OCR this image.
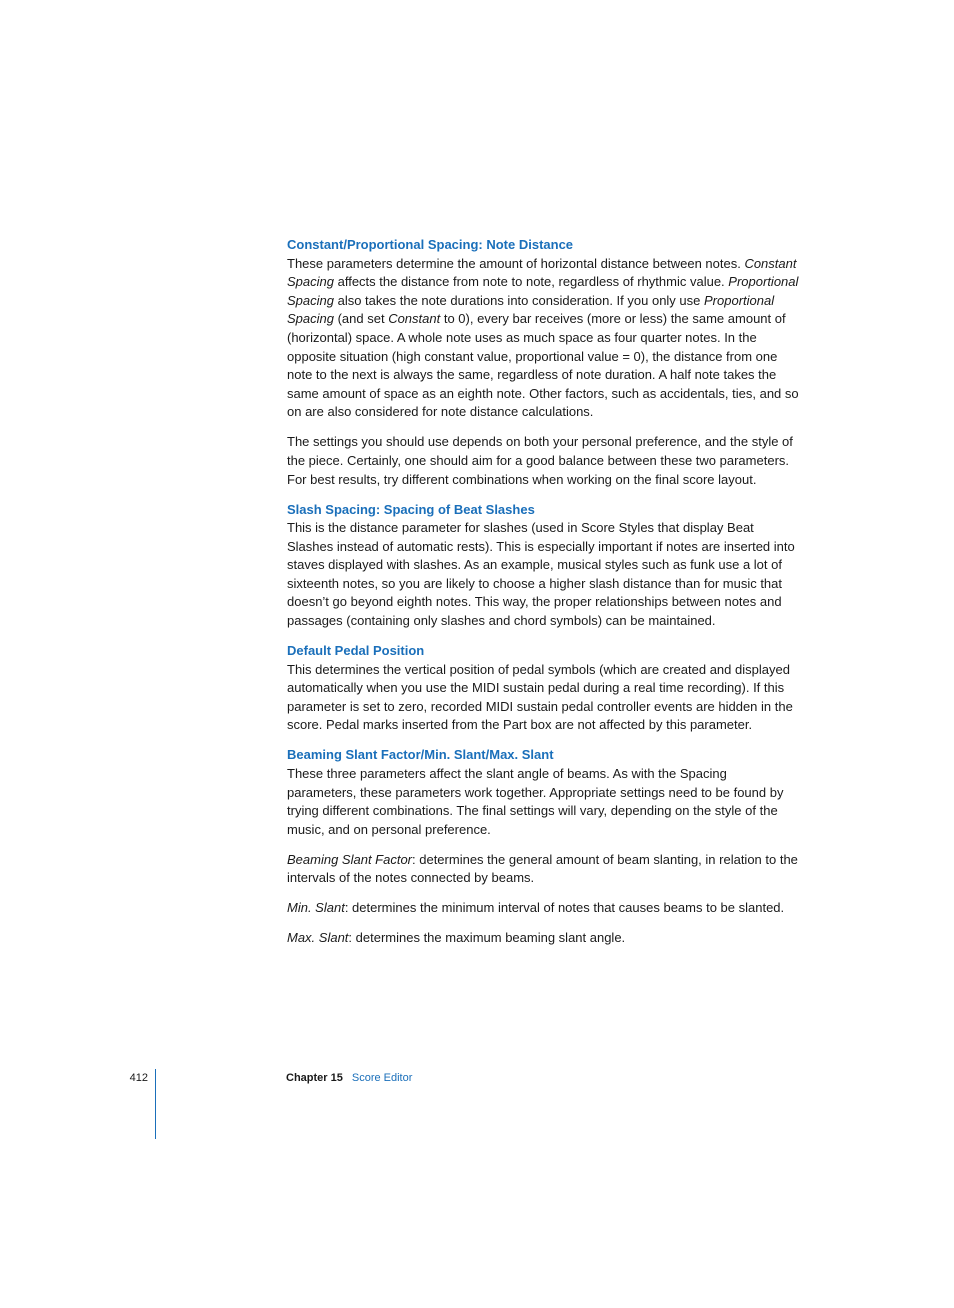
Constant/Proportional Spacing: Note Distance

These parameters determine the amount of horizontal distance between notes. Constant Spacing affects the distance from note to note, regardless of rhythmic value. Proportional Spacing also takes the note durations into consideration. If you only use Proportional Spacing (and set Constant to 0), every bar receives (more or less) the same amount of (horizontal) space. A whole note uses as much space as four quarter notes. In the opposite situation (high constant value, proportional value = 0), the distance from one note to the next is always the same, regardless of note duration. A half note takes the same amount of space as an eighth note. Other factors, such as accidentals, ties, and so on are also considered for note distance calculations.

The settings you should use depends on both your personal preference, and the style of the piece. Certainly, one should aim for a good balance between these two parameters. For best results, try different combinations when working on the final score layout.

Slash Spacing: Spacing of Beat Slashes

This is the distance parameter for slashes (used in Score Styles that display Beat Slashes instead of automatic rests). This is especially important if notes are inserted into staves displayed with slashes. As an example, musical styles such as funk use a lot of sixteenth notes, so you are likely to choose a higher slash distance than for music that doesn’t go beyond eighth notes. This way, the proper relationships between notes and passages (containing only slashes and chord symbols) can be maintained.

Default Pedal Position

This determines the vertical position of pedal symbols (which are created and displayed automatically when you use the MIDI sustain pedal during a real time recording). If this parameter is set to zero, recorded MIDI sustain pedal controller events are hidden in the score. Pedal marks inserted from the Part box are not affected by this parameter.

Beaming Slant Factor/Min. Slant/Max. Slant

These three parameters affect the slant angle of beams. As with the Spacing parameters, these parameters work together. Appropriate settings need to be found by trying different combinations. The final settings will vary, depending on the style of the music, and on personal preference.

Beaming Slant Factor: determines the general amount of beam slanting, in relation to the intervals of the notes connected by beams.

Min. Slant: determines the minimum interval of notes that causes beams to be slanted.

Max. Slant: determines the maximum beaming slant angle.

412	Chapter 15 Score Editor
